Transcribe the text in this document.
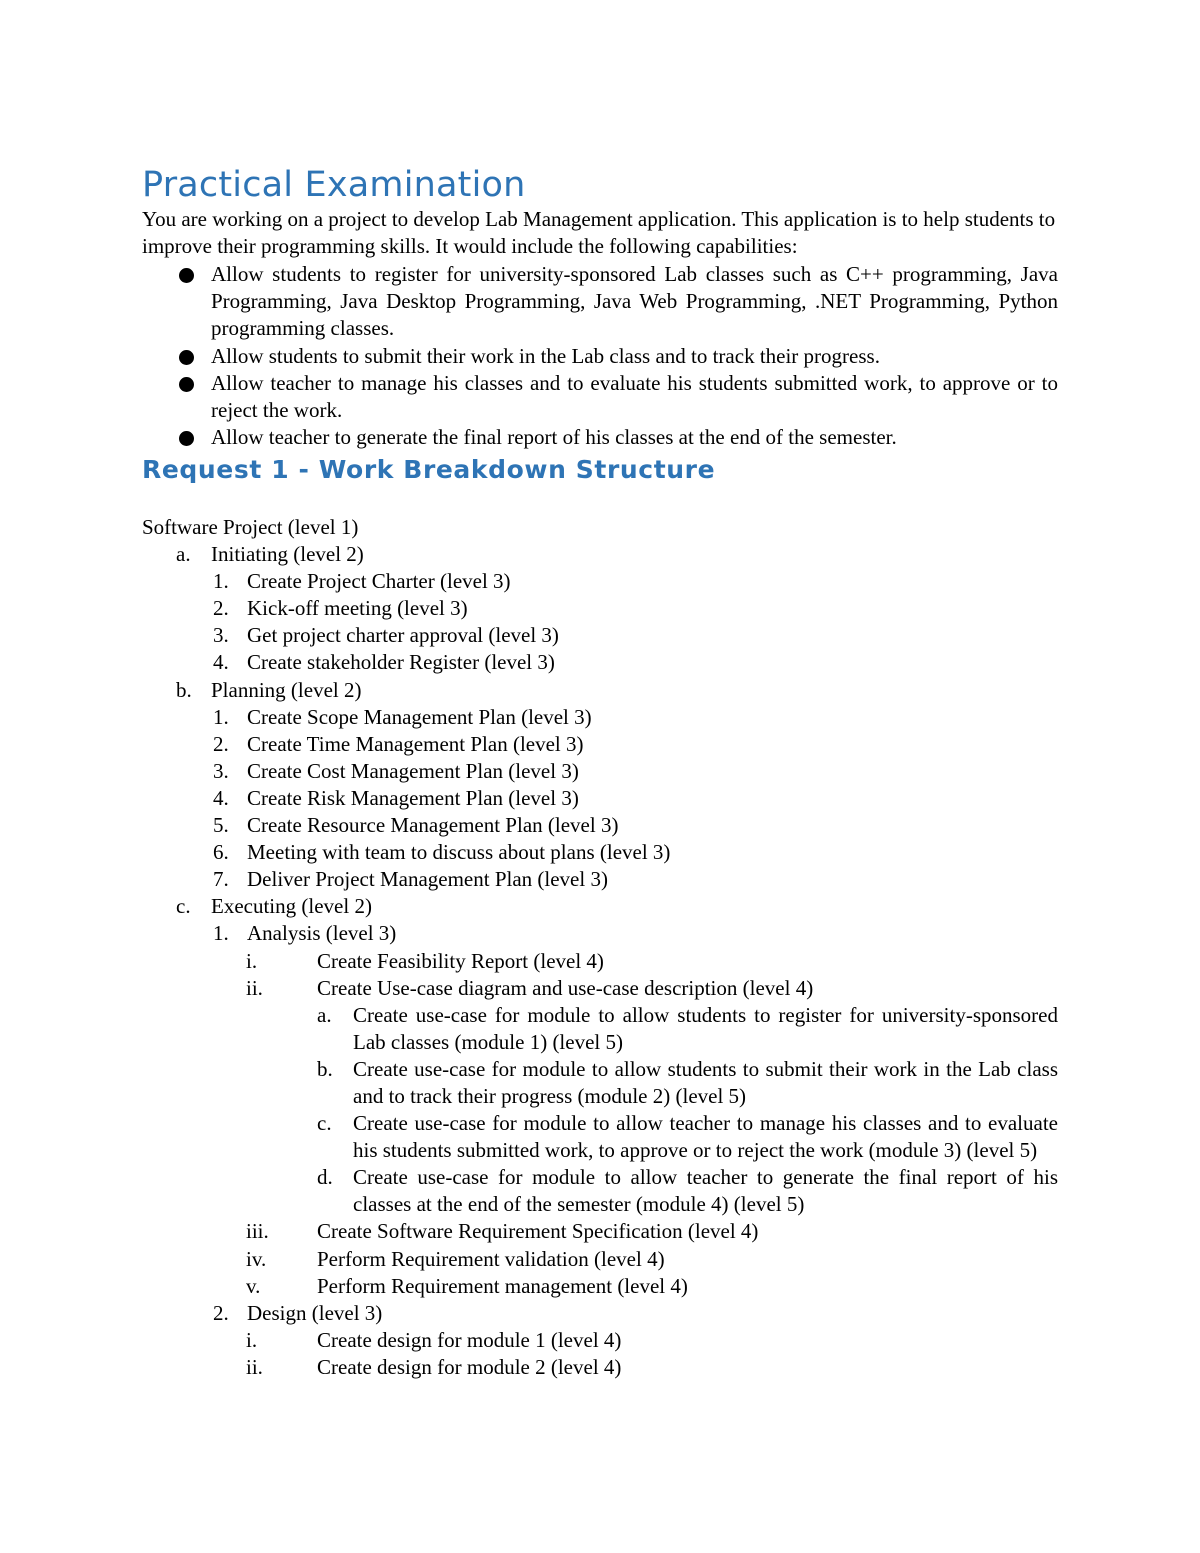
Practical Examination

You are working on a project to develop Lab Management application. This application is to help students to improve their programming skills. It would include the following capabilities:

Allow students to register for university-sponsored Lab classes such as C++ programming, Java Programming, Java Desktop Programming, Java Web Programming, .NET Programming, Python programming classes.
Allow students to submit their work in the Lab class and to track their progress.
Allow teacher to manage his classes and to evaluate his students submitted work, to approve or to reject the work.
Allow teacher to generate the final report of his classes at the end of the semester.
Request 1 - Work Breakdown Structure
Software Project (level 1)
a. Initiating (level 2)
1. Create Project Charter (level 3)
2. Kick-off meeting (level 3)
3. Get project charter approval (level 3)
4. Create stakeholder Register (level 3)
b. Planning (level 2)
1. Create Scope Management Plan (level 3)
2. Create Time Management Plan (level 3)
3. Create Cost Management Plan (level 3)
4. Create Risk Management Plan (level 3)
5. Create Resource Management Plan (level 3)
6. Meeting with team to discuss about plans (level 3)
7. Deliver Project Management Plan (level 3)
c. Executing (level 2)
1. Analysis (level 3)
i.	Create Feasibility Report (level 4)
ii.	Create Use-case diagram and use-case description (level 4)
a. Create use-case for module to allow students to register for university-sponsored Lab classes (module 1) (level 5)
b. Create use-case for module to allow students to submit their work in the Lab class and to track their progress (module 2) (level 5)
c. Create use-case for module to allow teacher to manage his classes and to evaluate his students submitted work, to approve or to reject the work (module 3) (level 5)
d. Create use-case for module to allow teacher to generate the final report of his classes at the end of the semester (module 4) (level 5)
iii. Create Software Requirement Specification (level 4)
iv. Perform Requirement validation (level 4)
v.	Perform Requirement management (level 4)
2. Design (level 3)
i.	Create design for module 1 (level 4)
ii.	Create design for module 2 (level 4)
